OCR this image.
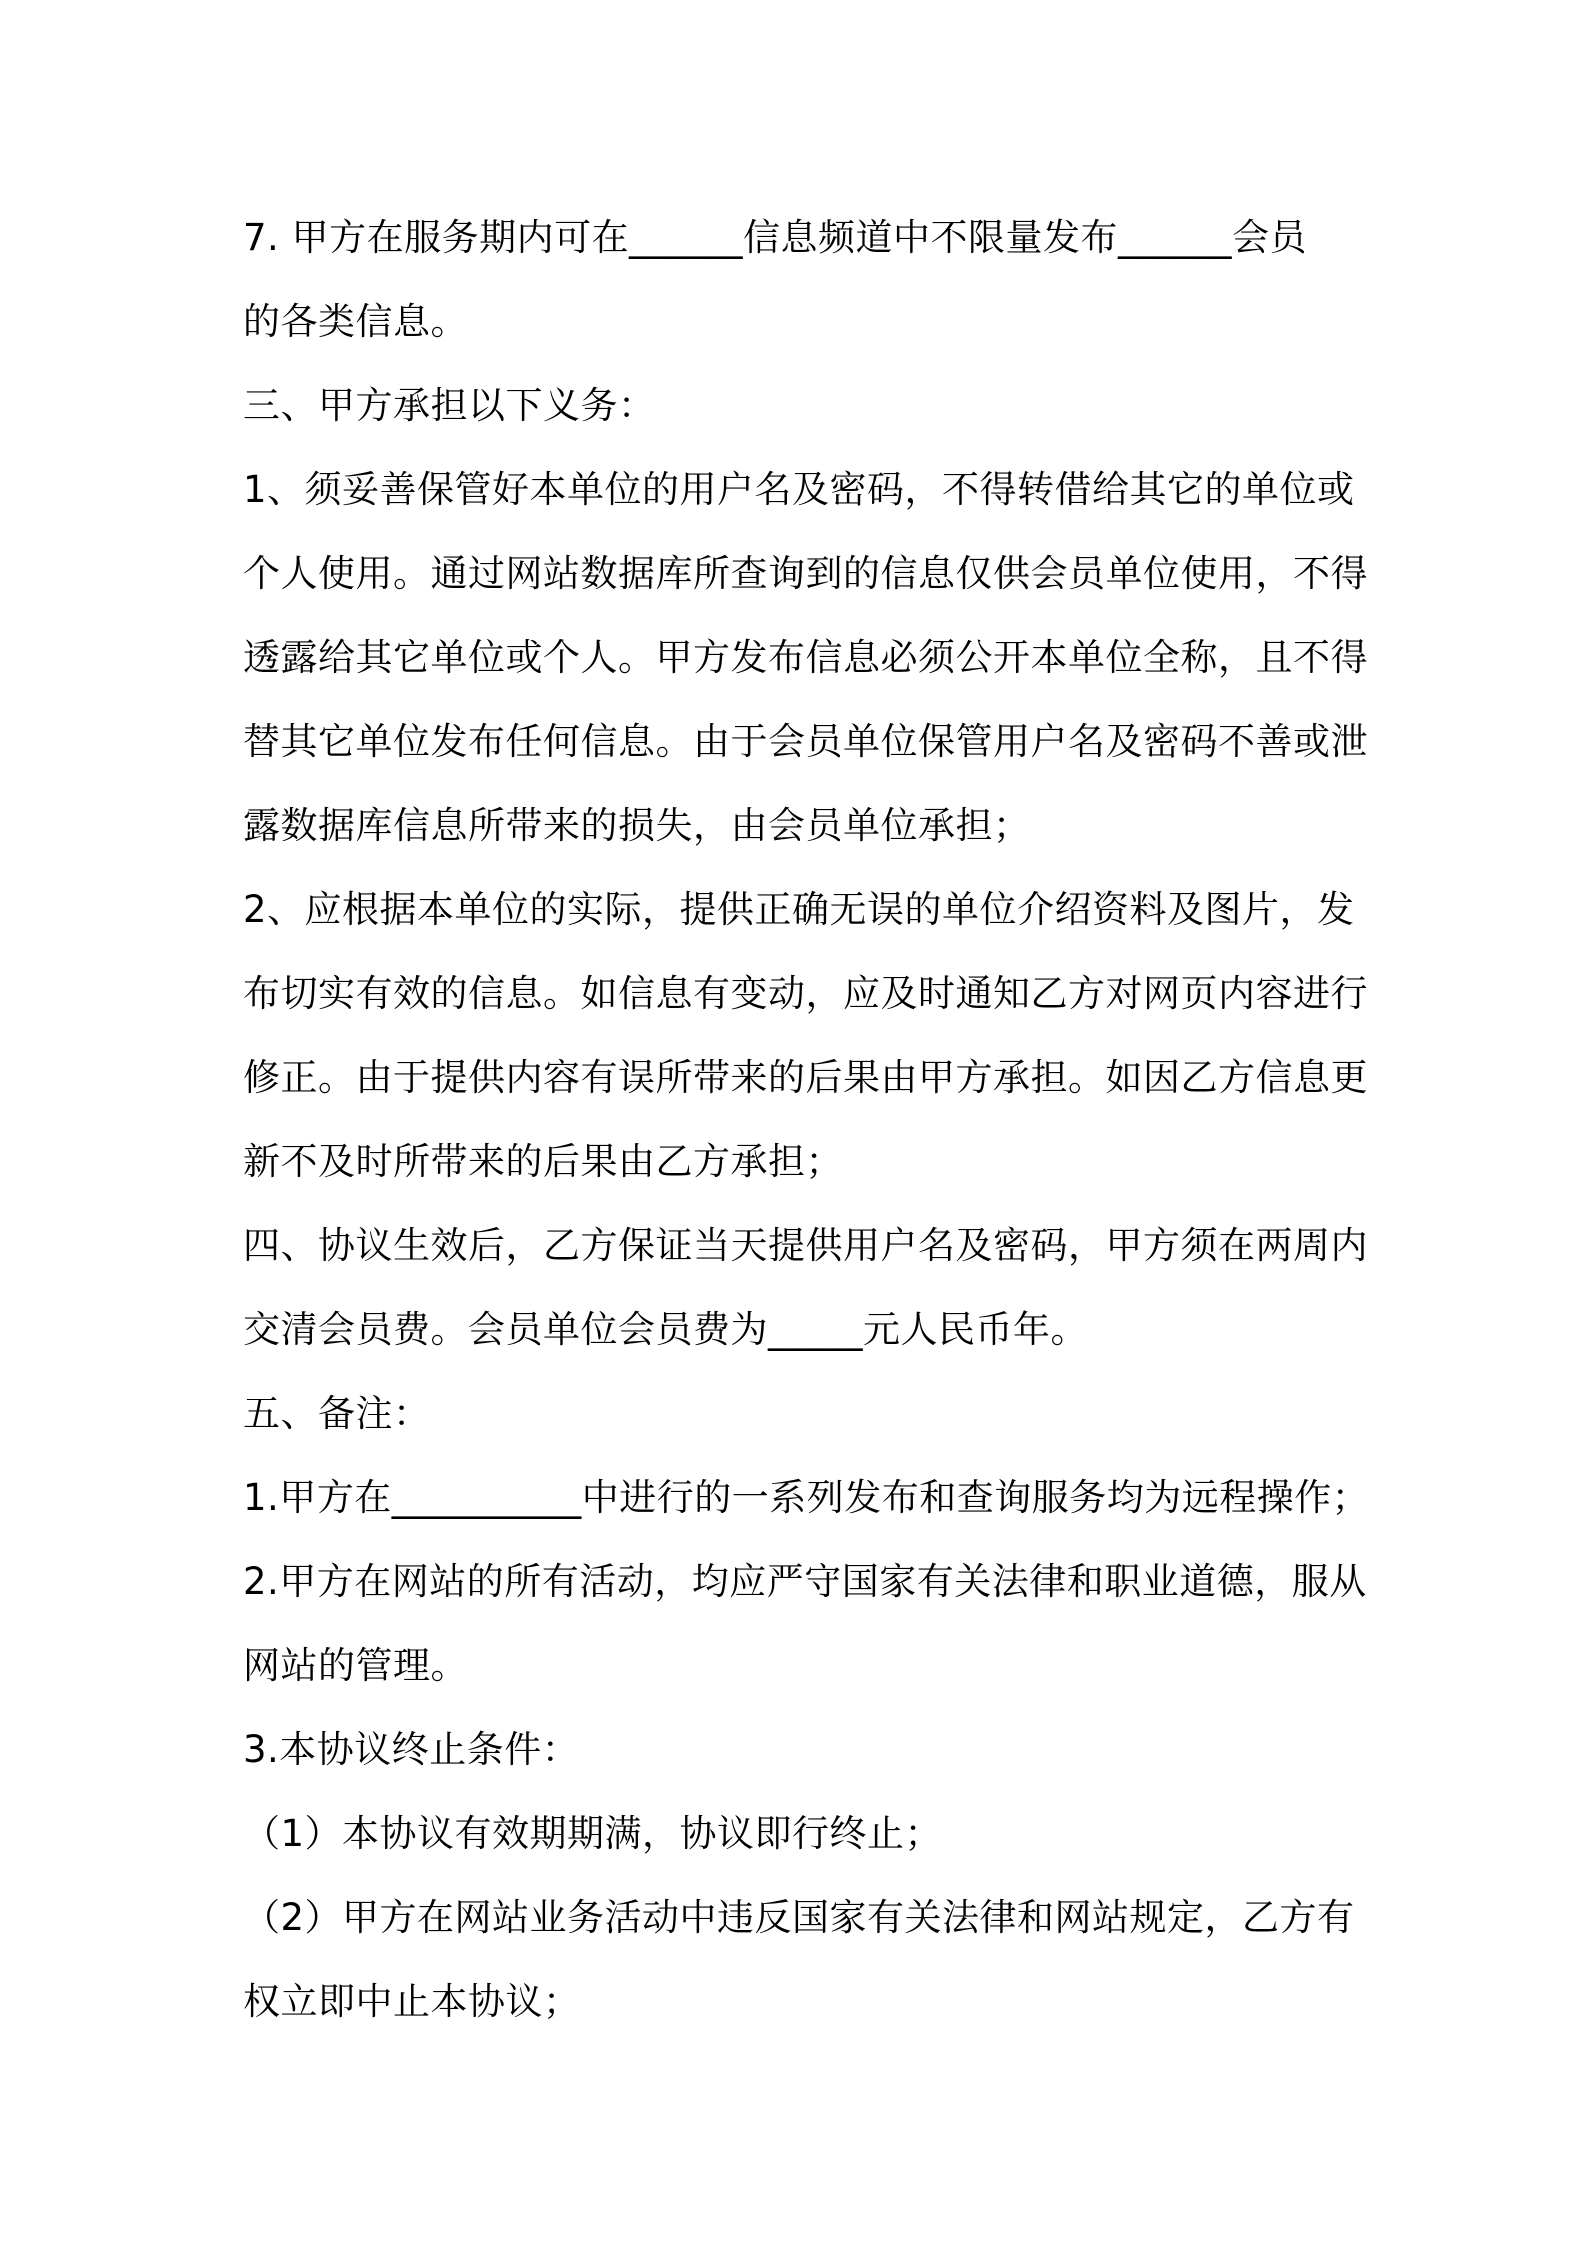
7. 甲方在服务期内可在______信息频道中不限量发布______会员
的各类信息。
三、甲方承担以下义务：
1、须妥善保管好本单位的用户名及密码，不得转借给其它的单位或
个人使用。通过网站数据库所查询到的信息仅供会员单位使用，不得
透露给其它单位或个人。甲方发布信息必须公开本单位全称，且不得
替其它单位发布任何信息。由于会员单位保管用户名及密码不善或泄
露数据库信息所带来的损失，由会员单位承担；
2、应根据本单位的实际，提供正确无误的单位介绍资料及图片，发
布切实有效的信息。如信息有变动，应及时通知乙方对网页内容进行
修正。由于提供内容有误所带来的后果由甲方承担。如因乙方信息更
新不及时所带来的后果由乙方承担；
四、协议生效后，乙方保证当天提供用户名及密码，甲方须在两周内
交清会员费。会员单位会员费为_____元人民币年。
五、备注：
1.甲方在__________中进行的一系列发布和查询服务均为远程操作；
2.甲方在网站的所有活动，均应严守国家有关法律和职业道德，服从
网站的管理。
3.本协议终止条件：
（1）本协议有效期期满，协议即行终止；
（2）甲方在网站业务活动中违反国家有关法律和网站规定，乙方有
权立即中止本协议；
